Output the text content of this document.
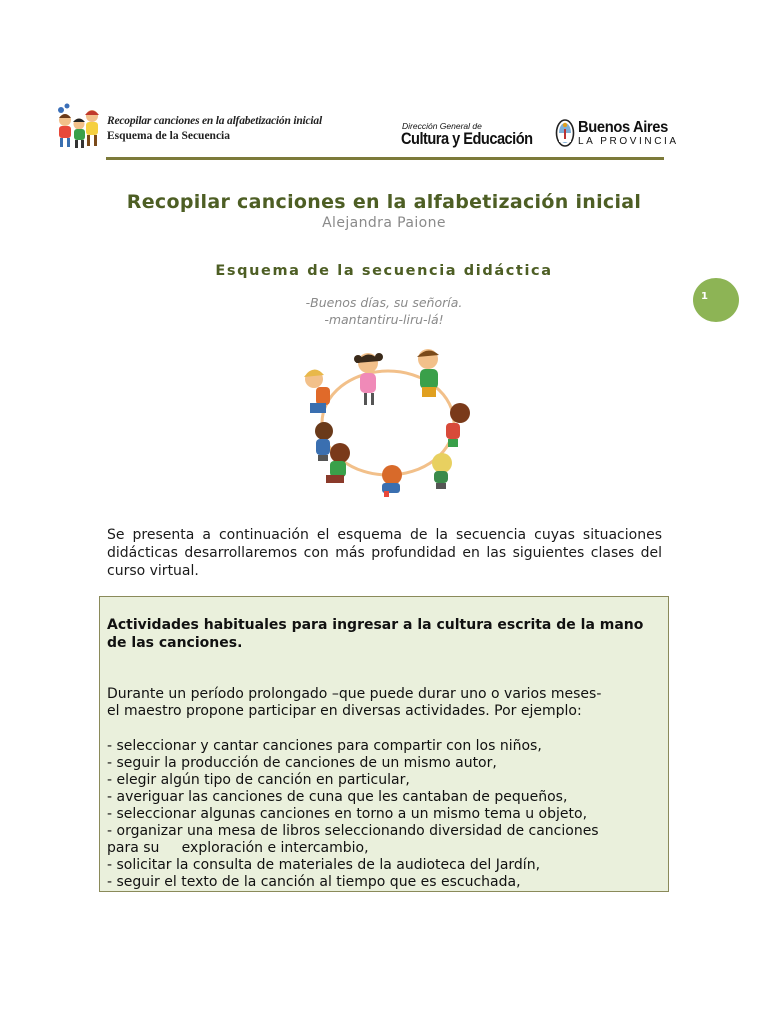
Recopilar canciones en la alfabetización inicial
Esquema de la Secuencia
Dirección General de
Cultura y Educación
Buenos Aires
LA PROVINCIA
Recopilar canciones en la alfabetización inicial
Alejandra Paione
Esquema de la secuencia didáctica
-Buenos días, su señoría.
-mantantiru-liru-lá!
1
Se presenta a continuación el esquema de la secuencia cuyas situaciones didácticas desarrollaremos con más profundidad en las siguientes clases del curso virtual.
Actividades habituales para ingresar a la cultura escrita de la mano de las canciones.
Durante un período prolongado –que puede durar uno o varios meses-
el maestro propone participar en diversas actividades. Por ejemplo:
- seleccionar y cantar canciones para compartir con los niños,
- seguir la producción de canciones de un mismo autor,
- elegir algún tipo de canción en particular,
- averiguar las canciones de cuna que les cantaban de pequeños,
- seleccionar algunas canciones en torno a un mismo tema u objeto,
- organizar una mesa de libros seleccionando diversidad de canciones
para su     exploración e intercambio,
- solicitar la consulta de materiales de la audioteca del Jardín,
- seguir el texto de la canción al tiempo que es escuchada,
